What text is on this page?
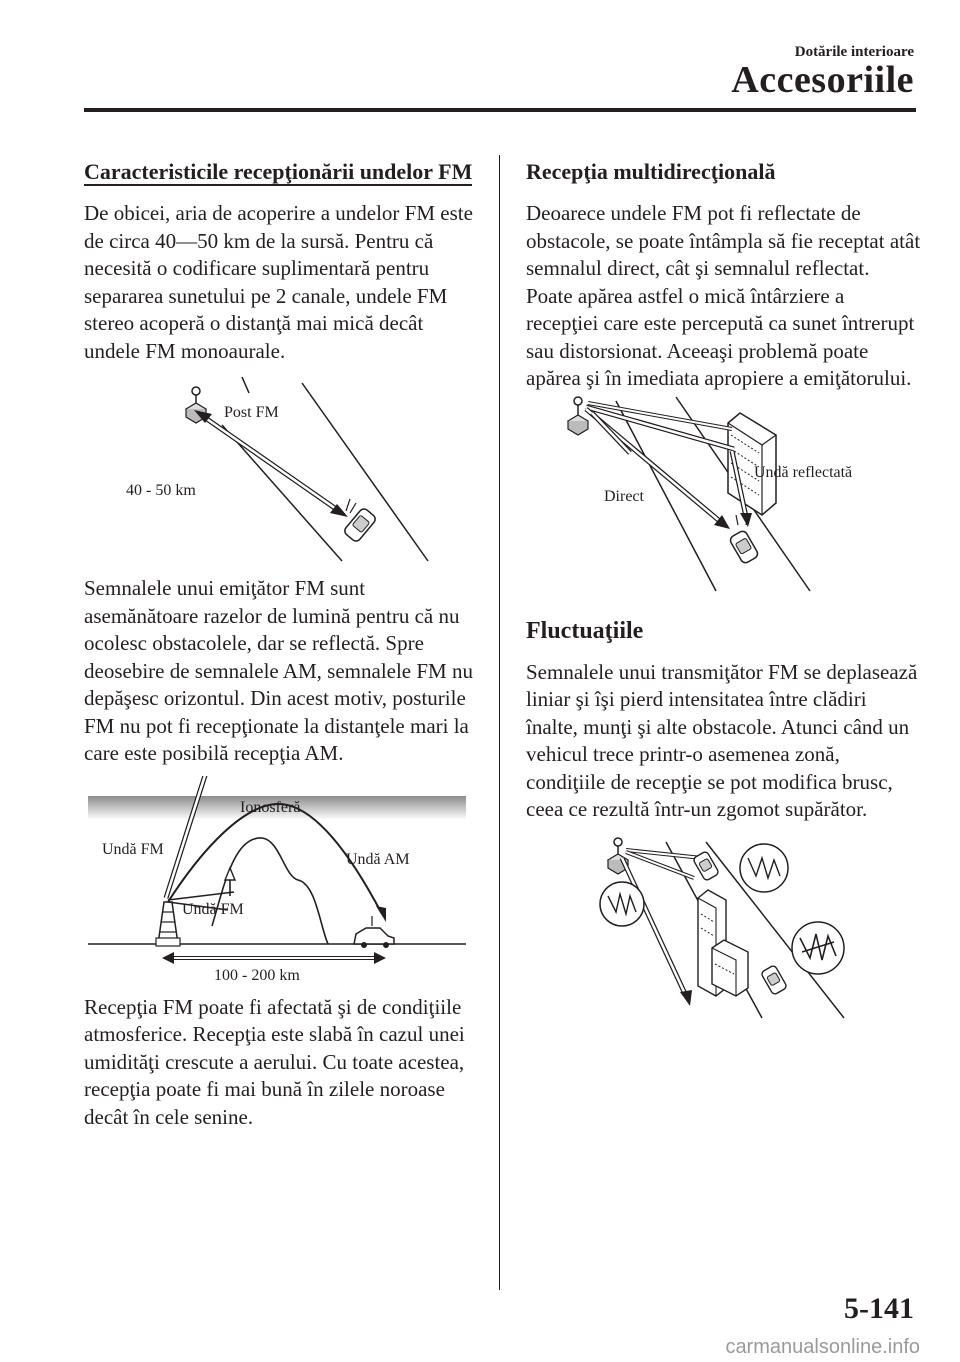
Dotările interioare
Accesoriile
Caracteristicile recepţionării undelor FM

De obicei, aria de acoperire a undelor FM este de circa 40―50 km de la sursă. Pentru că necesită o codificare suplimentară pentru separarea sunetului pe 2 canale, undele FM stereo acoperă o distanţă mai mică decât undele FM monoaurale.

Post FM
40 - 50 km

Semnalele unui emiţător FM sunt asemănătoare razelor de lumină pentru că nu ocolesc obstacolele, dar se reflectă. Spre deosebire de semnalele AM, semnalele FM nu depăşesc orizontul. Din acest motiv, posturile FM nu pot fi recepţionate la distanţele mari la care este posibilă recepţia AM.

Ionosferă
Undă FM
Undă AM
Undă FM
100 - 200 km

Recepţia FM poate fi afectată şi de condiţiile atmosferice. Recepţia este slabă în cazul unei umidităţi crescute a aerului. Cu toate acestea, recepţia poate fi mai bună în zilele noroase decât în cele senine.

Recepţia multidirecţională

Deoarece undele FM pot fi reflectate de obstacole, se poate întâmpla să fie receptat atât semnalul direct, cât şi semnalul reflectat. Poate apărea astfel o mică întârziere a recepţiei care este percepută ca sunet întrerupt sau distorsionat. Aceeaşi problemă poate apărea şi în imediata apropiere a emiţătorului.

Undă reflectată
Direct
Fluctuaţiile

Semnalele unui transmiţător FM se deplasează liniar şi îşi pierd intensitatea între clădiri înalte, munţi şi alte obstacole. Atunci când un vehicul trece printr-o asemenea zonă, condiţiile de recepţie se pot modifica brusc, ceea ce rezultă într-un zgomot supărător.

5-141
carmanualsonline.info
